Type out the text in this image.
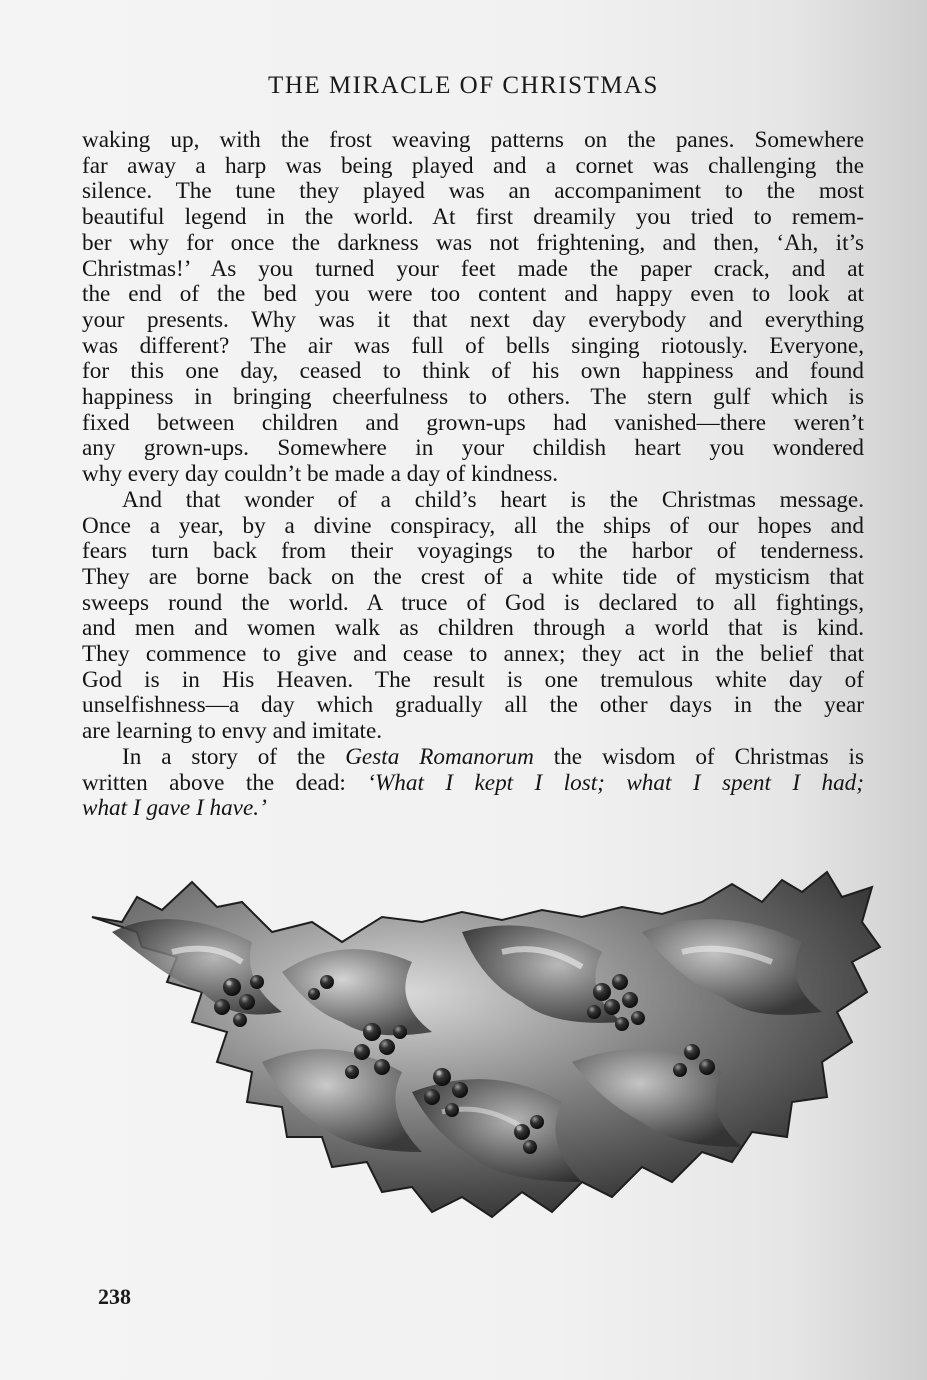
THE MIRACLE OF CHRISTMAS

waking up, with the frost weaving patterns on the panes. Somewhere
far away a harp was being played and a cornet was challenging the
silence. The tune they played was an accompaniment to the most
beautiful legend in the world. At first dreamily you tried to remem-
ber why for once the darkness was not frightening, and then, ‘Ah, it’s
Christmas!’ As you turned your feet made the paper crack, and at
the end of the bed you were too content and happy even to look at
your presents. Why was it that next day everybody and everything
was different? The air was full of bells singing riotously. Everyone,
for this one day, ceased to think of his own happiness and found
happiness in bringing cheerfulness to others. The stern gulf which is
fixed between children and grown-ups had vanished—there weren’t
any grown-ups. Somewhere in your childish heart you wondered
why every day couldn’t be made a day of kindness.

And that wonder of a child’s heart is the Christmas message.
Once a year, by a divine conspiracy, all the ships of our hopes and
fears turn back from their voyagings to the harbor of tenderness.
They are borne back on the crest of a white tide of mysticism that
sweeps round the world. A truce of God is declared to all fightings,
and men and women walk as children through a world that is kind.
They commence to give and cease to annex; they act in the belief that
God is in His Heaven. The result is one tremulous white day of
unselfishness—a day which gradually all the other days in the year
are learning to envy and imitate.

In a story of the Gesta Romanorum the wisdom of Christmas is
written above the dead: ‘What I kept I lost; what I spent I had;
what I gave I have.’

238
